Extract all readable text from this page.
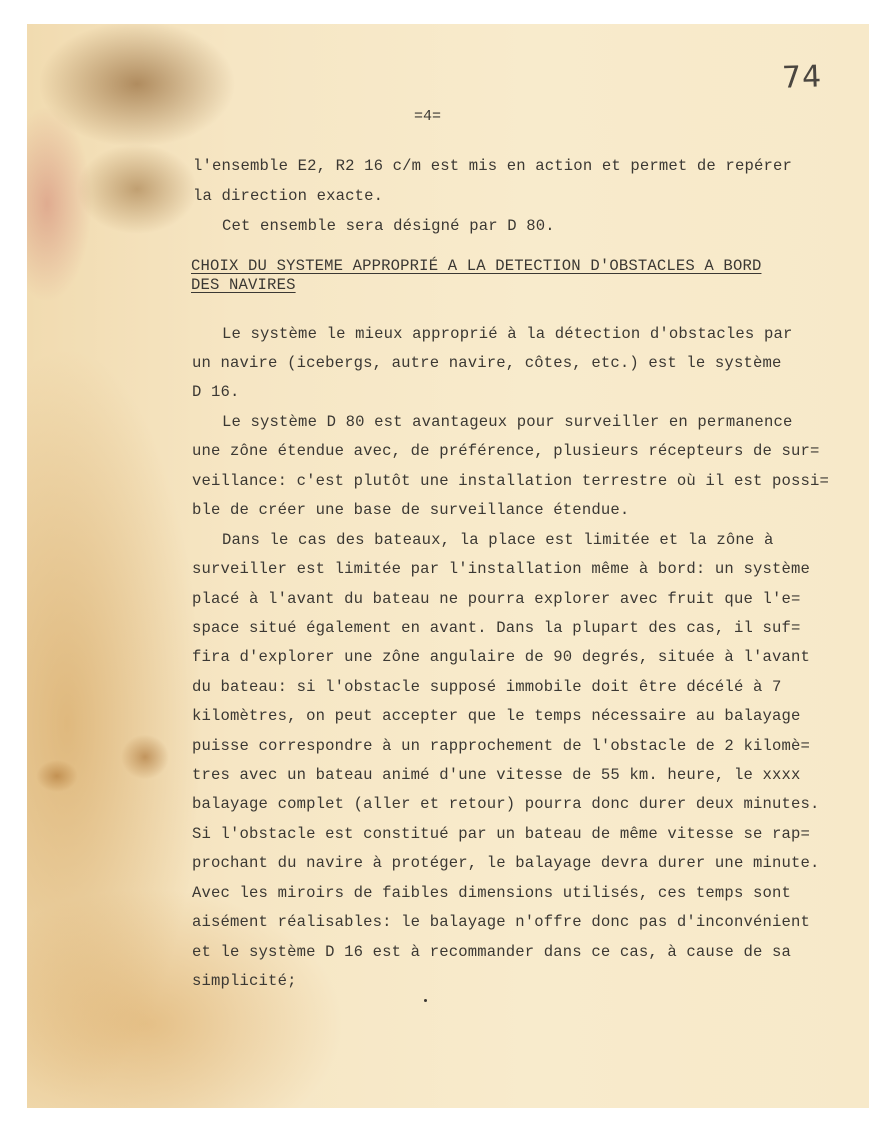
74
=4=
l'ensemble E2, R2 16 c/m est mis en action et permet de repérer
la direction exacte.
Cet ensemble sera désigné par D 80.
CHOIX DU SYSTEME APPROPRIÉ A LA DETECTION D'OBSTACLES A BORD
DES NAVIRES
Le système le mieux approprié à la détection d'obstacles par
un navire (icebergs, autre navire, côtes, etc.) est le système
D 16.
Le système D 80 est avantageux pour surveiller en permanence
une zône étendue avec, de préférence, plusieurs récepteurs de sur=
veillance: c'est plutôt une installation terrestre où il est possi=
ble de créer une base de surveillance étendue.
Dans le cas des bateaux, la place est limitée et la zône à
surveiller est limitée par l'installation même à bord: un système
placé à l'avant du bateau ne pourra explorer avec fruit que l'e=
space situé également en avant. Dans la plupart des cas, il suf=
fira d'explorer une zône angulaire de 90 degrés, située à l'avant
du bateau: si l'obstacle supposé immobile doit être décélé à 7
kilomètres, on peut accepter que le temps nécessaire au balayage
puisse correspondre à un rapprochement de l'obstacle de 2 kilomè=
tres avec un bateau animé d'une vitesse de 55 km. heure, le xxxx
balayage complet (aller et retour) pourra donc durer deux minutes.
Si l'obstacle est constitué par un bateau de même vitesse se rap=
prochant du navire à protéger, le balayage devra durer une minute.
Avec les miroirs de faibles dimensions utilisés, ces temps sont
aisément réalisables: le balayage n'offre donc pas d'inconvénient
et le système D 16 est à recommander dans ce cas, à cause de sa
simplicité;
